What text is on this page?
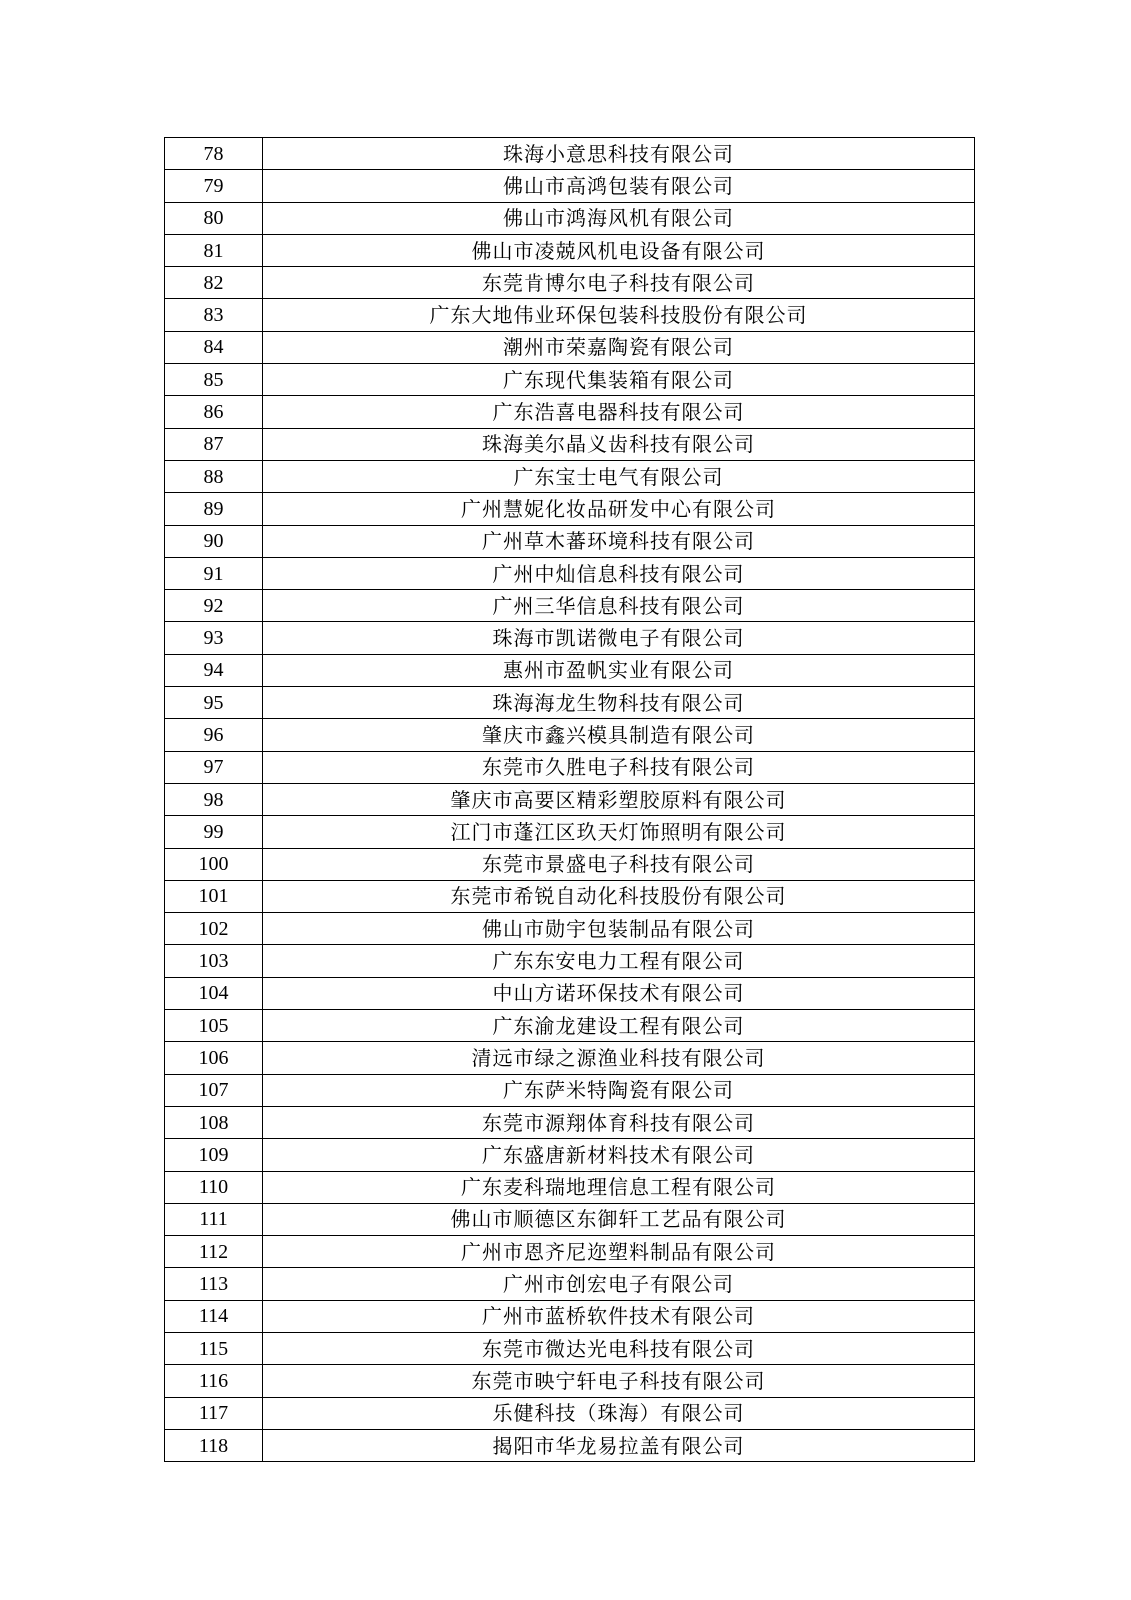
78	珠海小意思科技有限公司
79	佛山市高鸿包装有限公司
80	佛山市鸿海风机有限公司
81	佛山市凌兢风机电设备有限公司
82	东莞肯博尔电子科技有限公司
83	广东大地伟业环保包装科技股份有限公司
84	潮州市荣嘉陶瓷有限公司
85	广东现代集装箱有限公司
86	广东浩喜电器科技有限公司
87	珠海美尔晶义齿科技有限公司
88	广东宝士电气有限公司
89	广州慧妮化妆品研发中心有限公司
90	广州草木蕃环境科技有限公司
91	广州中灿信息科技有限公司
92	广州三华信息科技有限公司
93	珠海市凯诺微电子有限公司
94	惠州市盈帆实业有限公司
95	珠海海龙生物科技有限公司
96	肇庆市鑫兴模具制造有限公司
97	东莞市久胜电子科技有限公司
98	肇庆市高要区精彩塑胶原料有限公司
99	江门市蓬江区玖天灯饰照明有限公司
100	东莞市景盛电子科技有限公司
101	东莞市希锐自动化科技股份有限公司
102	佛山市勋宇包装制品有限公司
103	广东东安电力工程有限公司
104	中山方诺环保技术有限公司
105	广东渝龙建设工程有限公司
106	清远市绿之源渔业科技有限公司
107	广东萨米特陶瓷有限公司
108	东莞市源翔体育科技有限公司
109	广东盛唐新材料技术有限公司
110	广东麦科瑞地理信息工程有限公司
111	佛山市顺德区东御轩工艺品有限公司
112	广州市恩齐尼迩塑料制品有限公司
113	广州市创宏电子有限公司
114	广州市蓝桥软件技术有限公司
115	东莞市微达光电科技有限公司
116	东莞市映宁轩电子科技有限公司
117	乐健科技（珠海）有限公司
118	揭阳市华龙易拉盖有限公司
